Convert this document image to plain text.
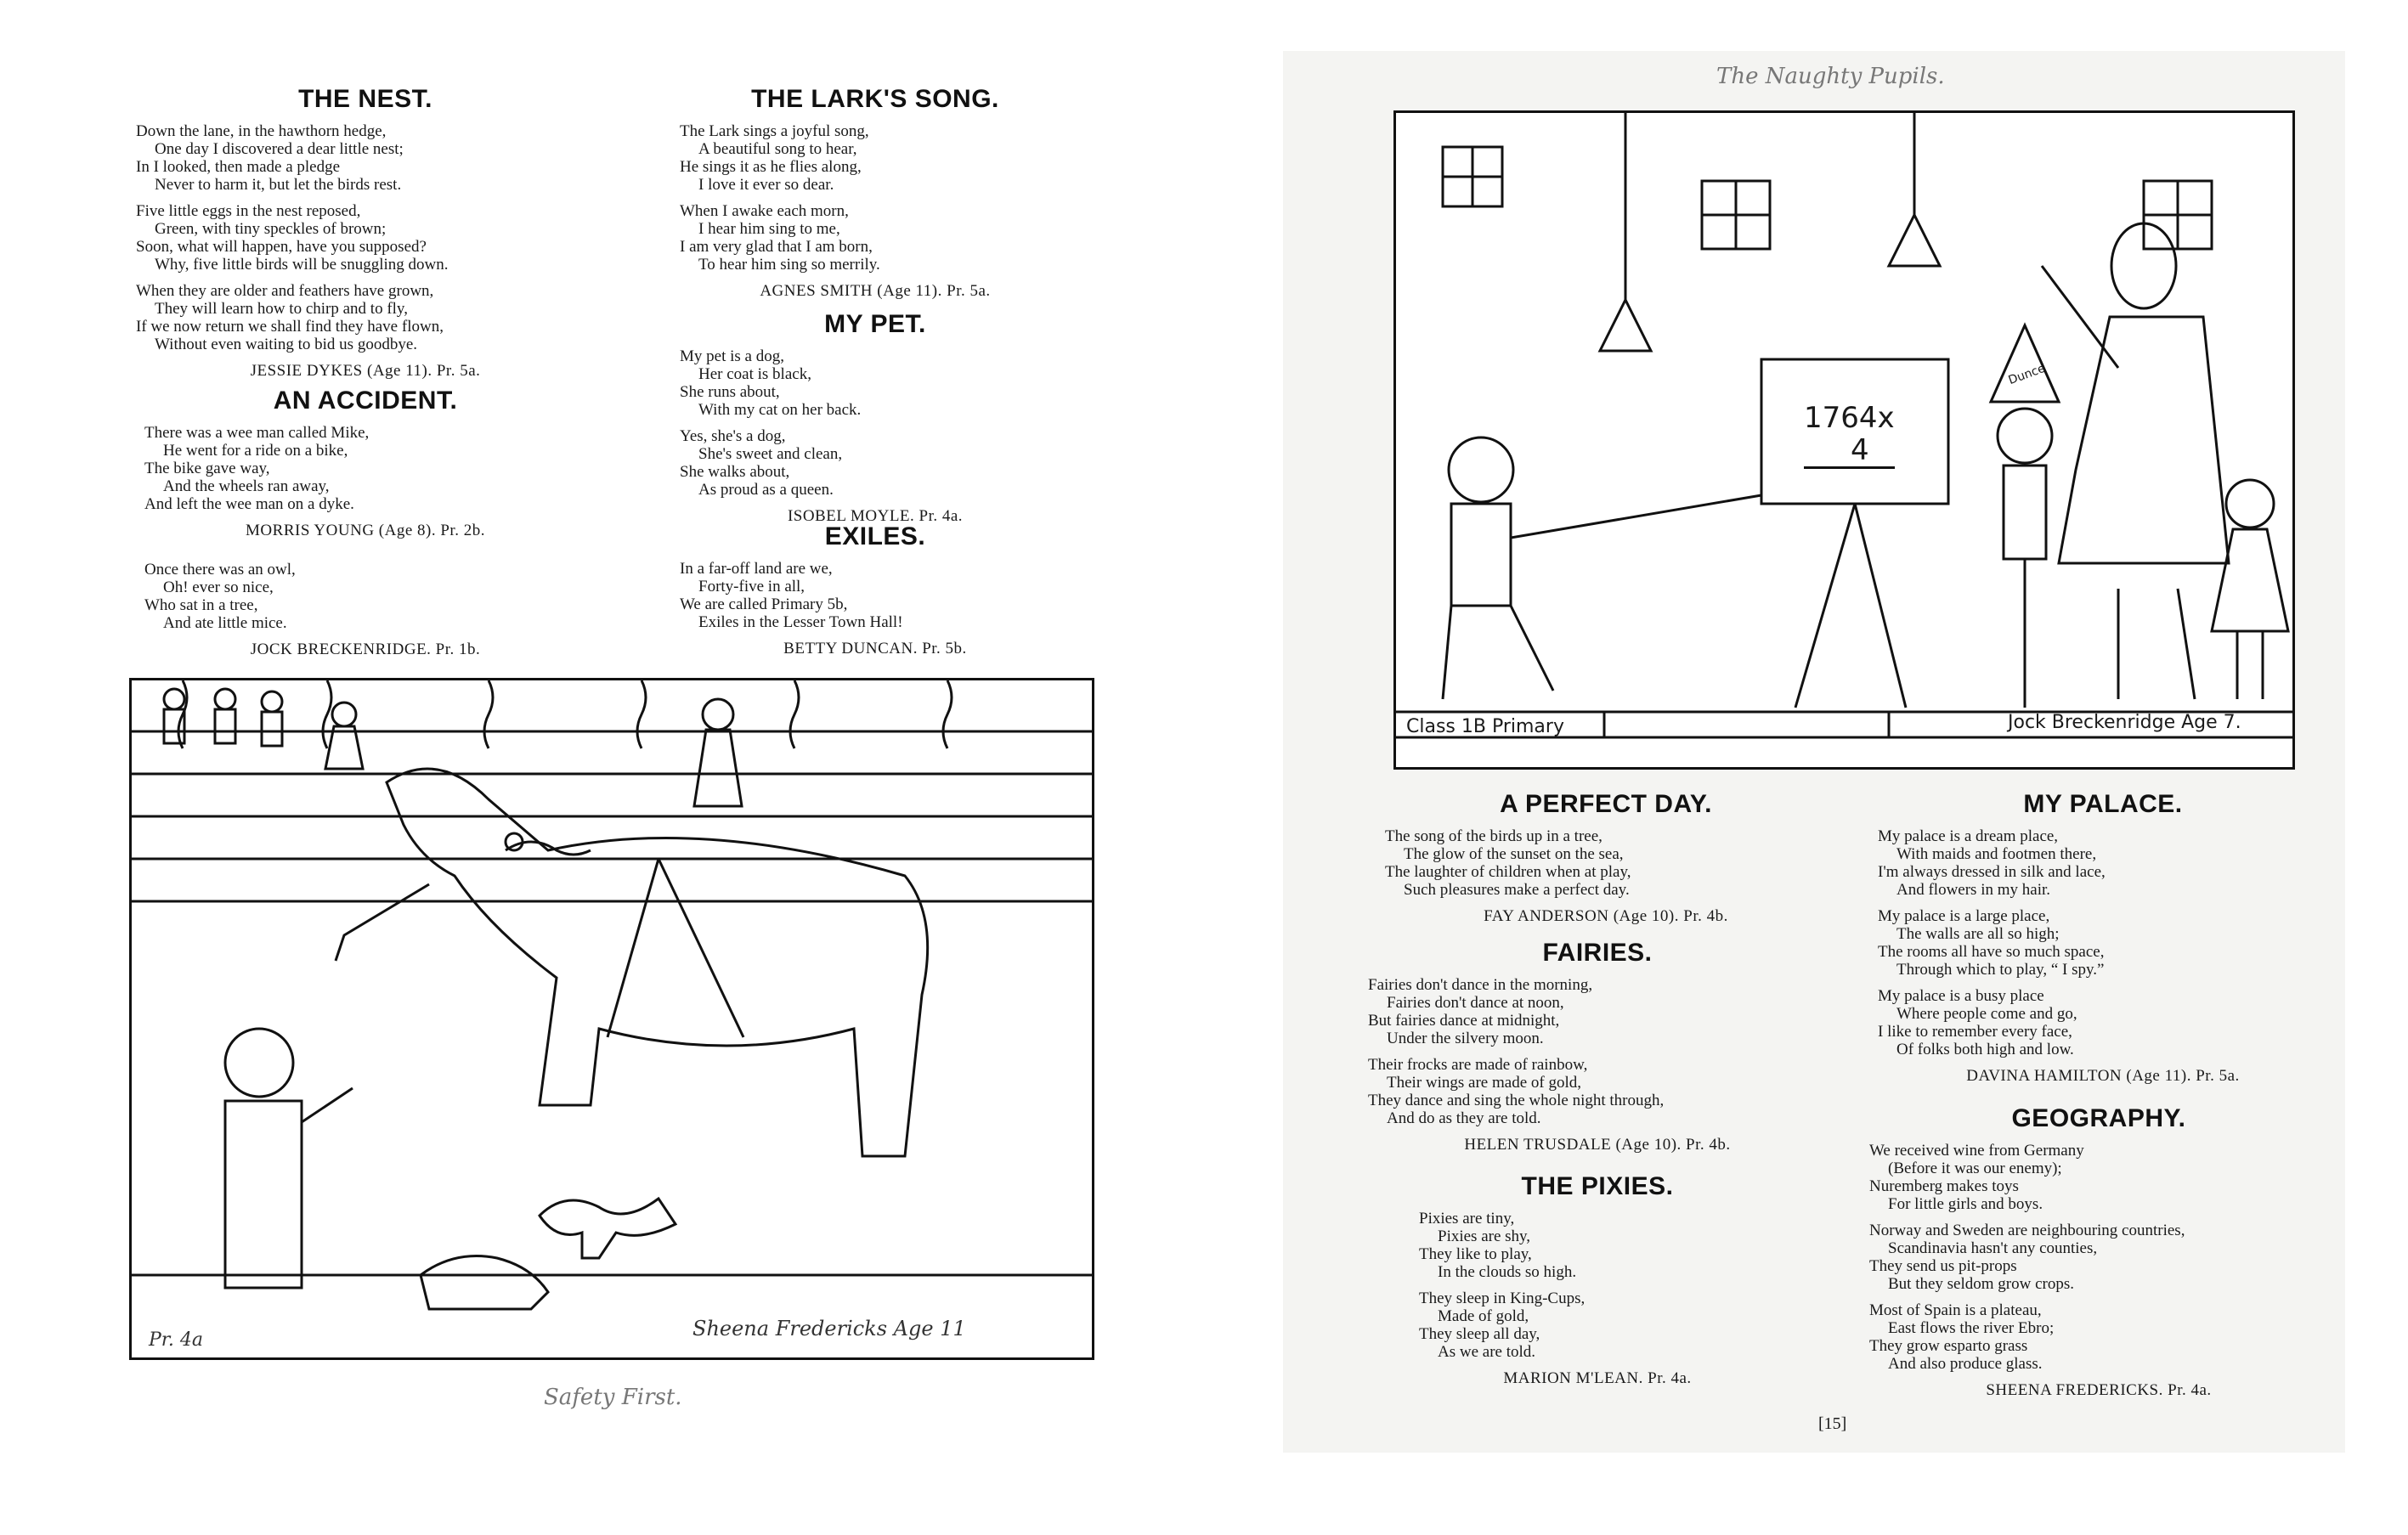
THE NEST.
Down the lane, in the hawthorn hedge,
One day I discovered a dear little nest;
In I looked, then made a pledge
Never to harm it, but let the birds rest.
Five little eggs in the nest reposed,
Green, with tiny speckles of brown;
Soon, what will happen, have you supposed?
Why, five little birds will be snuggling down.
When they are older and feathers have grown,
They will learn how to chirp and to fly,
If we now return we shall find they have flown,
Without even waiting to bid us goodbye.
JESSIE DYKES (Age 11). Pr. 5a.
AN ACCIDENT.
There was a wee man called Mike,
He went for a ride on a bike,
The bike gave way,
And the wheels ran away,
And left the wee man on a dyke.
MORRIS YOUNG (Age 8). Pr. 2b.
Once there was an owl,
Oh! ever so nice,
Who sat in a tree,
And ate little mice.
JOCK BRECKENRIDGE. Pr. 1b.
THE LARK'S SONG.
The Lark sings a joyful song,
A beautiful song to hear,
He sings it as he flies along,
I love it ever so dear.
When I awake each morn,
I hear him sing to me,
I am very glad that I am born,
To hear him sing so merrily.
AGNES SMITH (Age 11). Pr. 5a.
MY PET.
My pet is a dog,
Her coat is black,
She runs about,
With my cat on her back.
Yes, she's a dog,
She's sweet and clean,
She walks about,
As proud as a queen.
ISOBEL MOYLE. Pr. 4a.
EXILES.
In a far-off land are we,
Forty-five in all,
We are called Primary 5b,
Exiles in the Lesser Town Hall!
BETTY DUNCAN. Pr. 5b.
Pr. 4a	Sheena Fredericks Age 11
Safety First.
The Naughty Pupils.
1764x
4
Dunce
Class 1B Primary	Jock Breckenridge Age 7.
A PERFECT DAY.
The song of the birds up in a tree,
The glow of the sunset on the sea,
The laughter of children when at play,
Such pleasures make a perfect day.
FAY ANDERSON (Age 10). Pr. 4b.
FAIRIES.
Fairies don't dance in the morning,
Fairies don't dance at noon,
But fairies dance at midnight,
Under the silvery moon.
Their frocks are made of rainbow,
Their wings are made of gold,
They dance and sing the whole night through,
And do as they are told.
HELEN TRUSDALE (Age 10). Pr. 4b.
THE PIXIES.
Pixies are tiny,
Pixies are shy,
They like to play,
In the clouds so high.
They sleep in King-Cups,
Made of gold,
They sleep all day,
As we are told.
MARION M'LEAN. Pr. 4a.
MY PALACE.
My palace is a dream place,
With maids and footmen there,
I'm always dressed in silk and lace,
And flowers in my hair.
My palace is a large place,
The walls are all so high;
The rooms all have so much space,
Through which to play, “ I spy.”
My palace is a busy place
Where people come and go,
I like to remember every face,
Of folks both high and low.
DAVINA HAMILTON (Age 11). Pr. 5a.
GEOGRAPHY.
We received wine from Germany
(Before it was our enemy);
Nuremberg makes toys
For little girls and boys.
Norway and Sweden are neighbouring countries,
Scandinavia hasn't any counties,
They send us pit-props
But they seldom grow crops.
Most of Spain is a plateau,
East flows the river Ebro;
They grow esparto grass
And also produce glass.
SHEENA FREDERICKS. Pr. 4a.
[15]
